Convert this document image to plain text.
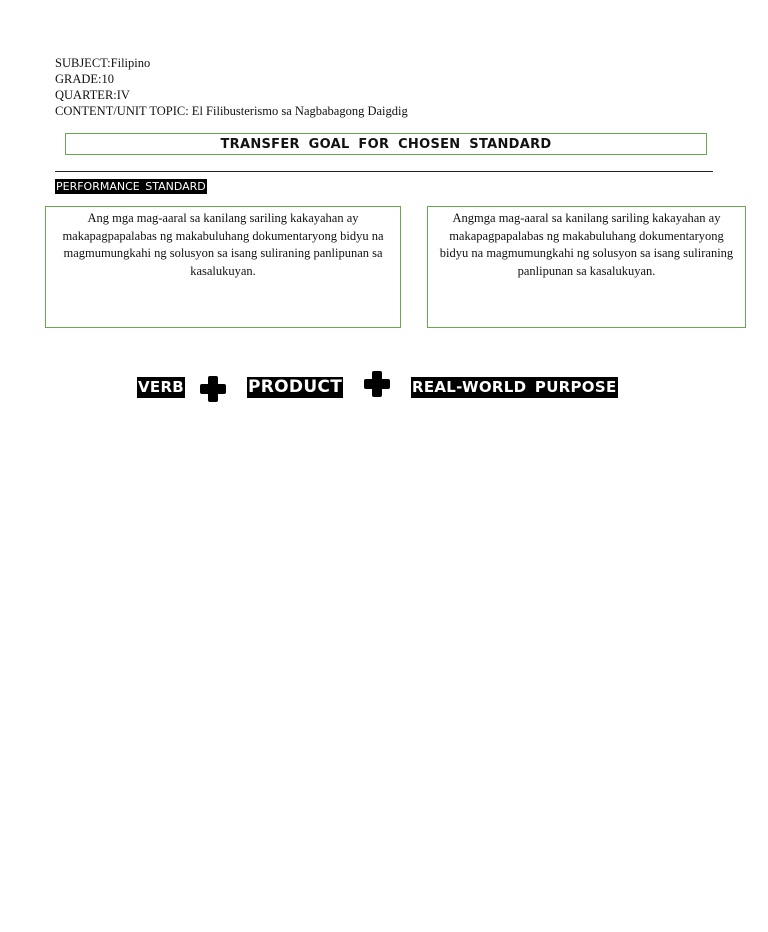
SUBJECT:Filipino
GRADE:10
QUARTER:IV
CONTENT/UNIT TOPIC: El Filibusterismo sa Nagbabagong Daigdig
TRANSFER GOAL FOR CHOSEN STANDARD
PERFORMANCE STANDARD
Ang mga mag-aaral sa kanilang sariling kakayahan ay makapagpapalabas ng makabuluhang dokumentaryong bidyu na magmumungkahi ng solusyon sa isang suliraning panlipunan sa kasalukuyan.
Angmga mag-aaral sa kanilang sariling kakayahan ay makapagpapalabas ng makabuluhang dokumentaryong bidyu na magmumungkahi ng solusyon sa isang suliraning panlipunan sa kasalukuyan.
VERB	PRODUCT	REAL-WORLD PURPOSE
